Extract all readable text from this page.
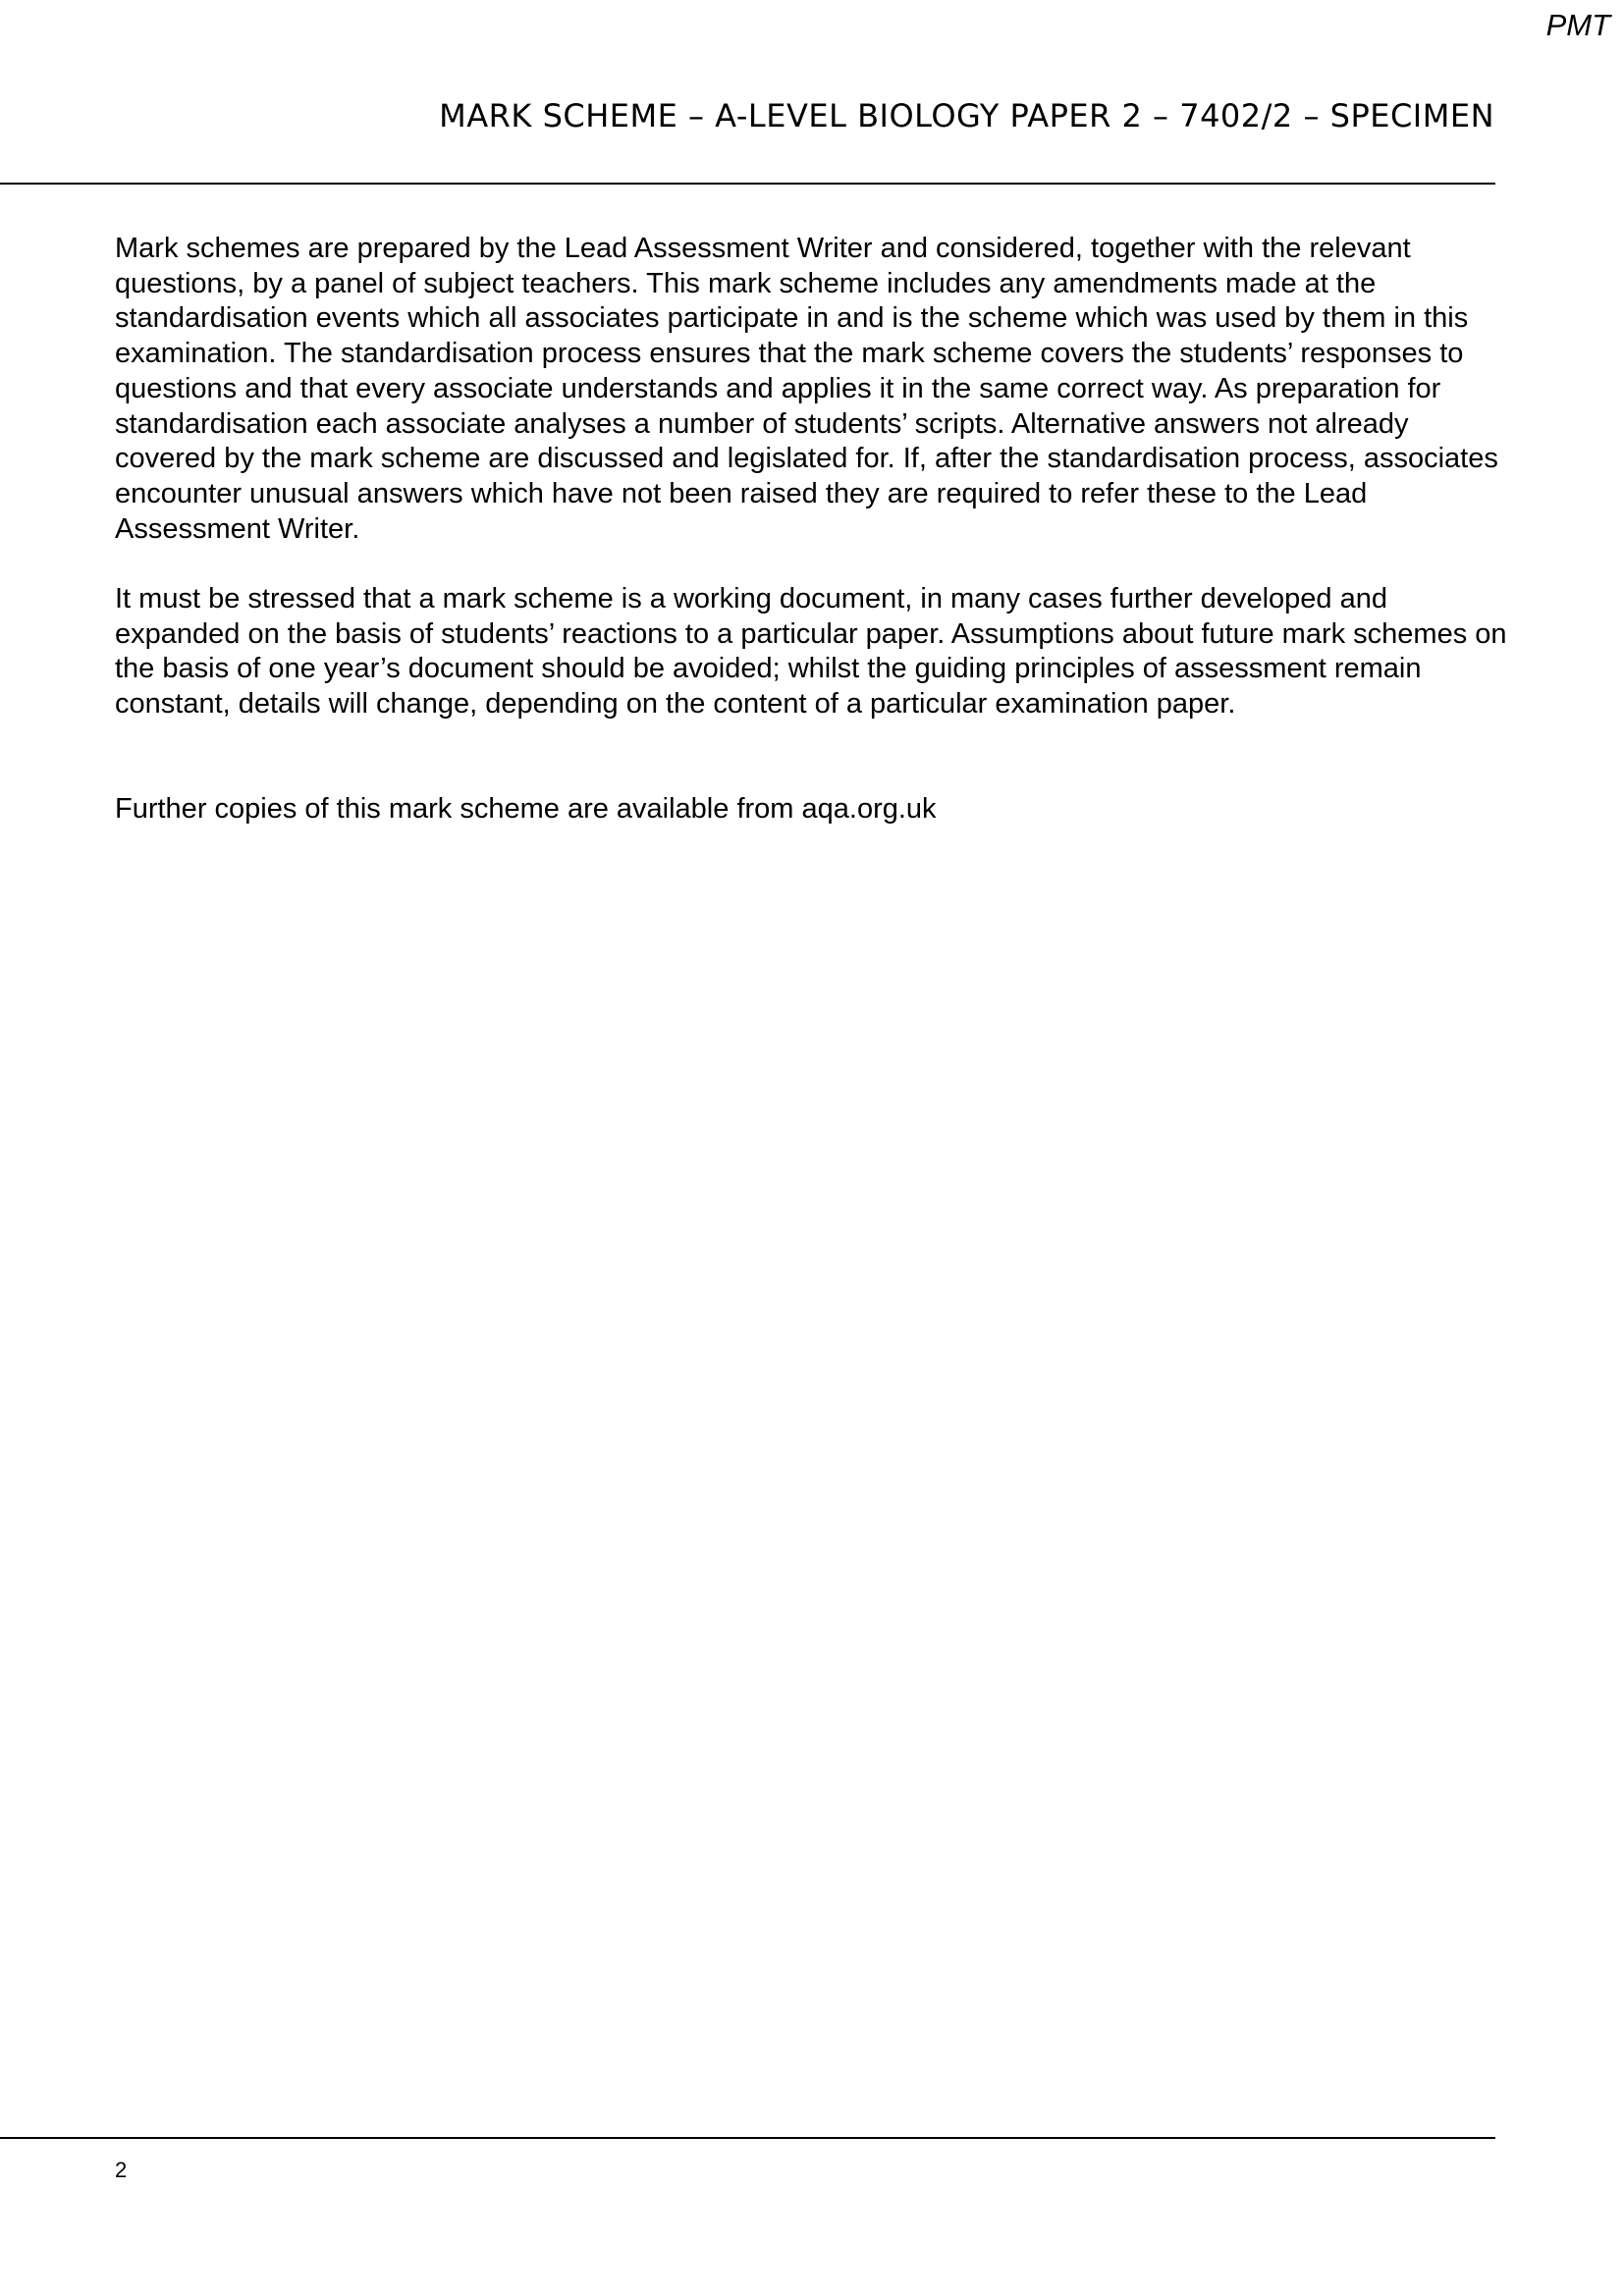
PMT
MARK SCHEME – A-LEVEL BIOLOGY PAPER 2 – 7402/2 – SPECIMEN

Mark schemes are prepared by the Lead Assessment Writer and considered, together with the relevant questions, by a panel of subject teachers. This mark scheme includes any amendments made at the standardisation events which all associates participate in and is the scheme which was used by them in this examination. The standardisation process ensures that the mark scheme covers the students’ responses to questions and that every associate understands and applies it in the same correct way. As preparation for standardisation each associate analyses a number of students’ scripts. Alternative answers not already covered by the mark scheme are discussed and legislated for. If, after the standardisation process, associates encounter unusual answers which have not been raised they are required to refer these to the Lead Assessment Writer.

It must be stressed that a mark scheme is a working document, in many cases further developed and expanded on the basis of students’ reactions to a particular paper. Assumptions about future mark schemes on the basis of one year’s document should be avoided; whilst the guiding principles of assessment remain constant, details will change, depending on the content of a particular examination paper.

Further copies of this mark scheme are available from aqa.org.uk

2
